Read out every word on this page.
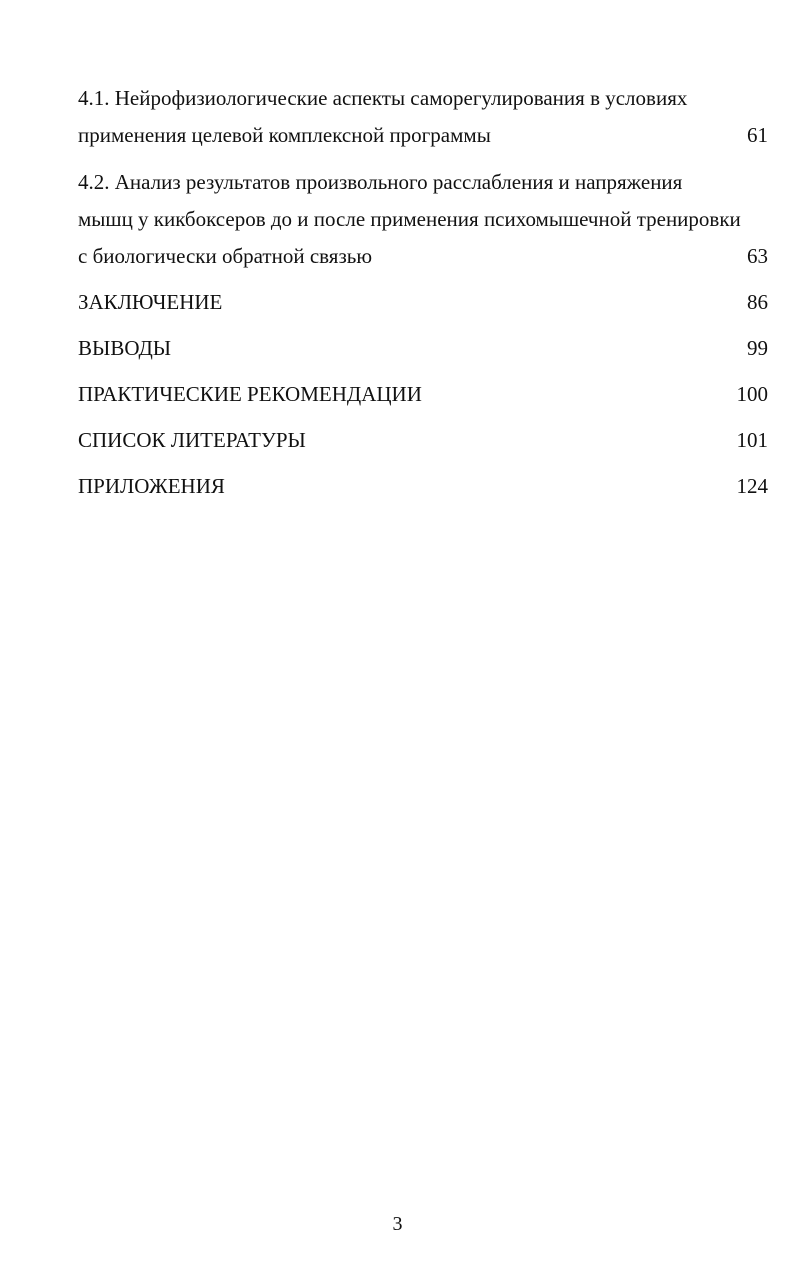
4.1. Нейрофизиологические аспекты саморегулирования в условиях
применения целевой комплексной программы	61
4.2. Анализ результатов произвольного расслабления и напряжения
мышц у кикбоксеров до и после применения психомышечной тренировки
с биологически обратной связью	63
ЗАКЛЮЧЕНИЕ	86
ВЫВОДЫ	99
ПРАКТИЧЕСКИЕ РЕКОМЕНДАЦИИ	100
СПИСОК ЛИТЕРАТУРЫ	101
ПРИЛОЖЕНИЯ	124
3
